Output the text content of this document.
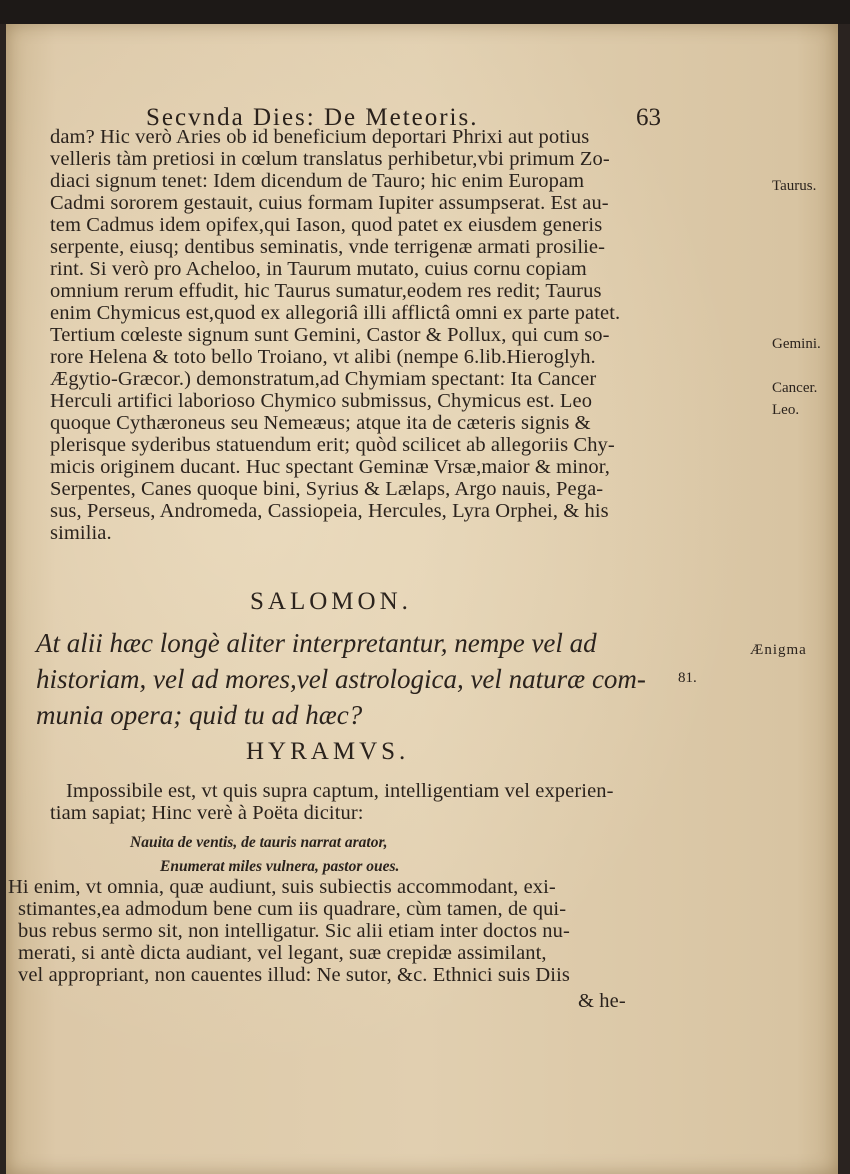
Secvnda Dies: De Meteoris.	63
dam? Hic verò Aries ob id beneficium deportari Phrixi aut potius
velleris tàm pretiosi in cœlum translatus perhibetur,vbi primum Zo-
diaci signum tenet: Idem dicendum de Tauro; hic enim Europam
Cadmi sororem gestauit, cuius formam Iupiter assumpserat. Est au-
tem Cadmus idem opifex,qui Iason, quod patet ex eiusdem generis
serpente, eiusq; dentibus seminatis, vnde terrigenæ armati prosilie-
rint. Si verò pro Acheloo, in Taurum mutato, cuius cornu copiam
omnium rerum effudit, hic Taurus sumatur,eodem res redit; Taurus
enim Chymicus est,quod ex allegoriâ illi afflictâ omni ex parte patet.
Tertium cœleste signum sunt Gemini, Castor & Pollux, qui cum so-
rore Helena & toto bello Troiano, vt alibi (nempe 6.lib.Hieroglyh.
Ægytio-Græcor.) demonstratum,ad Chymiam spectant: Ita Cancer
Herculi artifici laborioso Chymico submissus, Chymicus est. Leo
quoque Cythæroneus seu Nemeæus; atque ita de cæteris signis &
plerisque syderibus statuendum erit; quòd scilicet ab allegoriis Chy-
micis originem ducant. Huc spectant Geminæ Vrsæ,maior & minor,
Serpentes, Canes quoque bini, Syrius & Lælaps, Argo nauis, Pega-
sus, Perseus, Andromeda, Cassiopeia, Hercules, Lyra Orphei, & his
similia.
Taurus.
Gemini.
Cancer.
Leo.
SALOMON.
At alii hæc longè aliter interpretantur, nempe vel ad
historiam, vel ad mores,vel astrologica, vel naturæ com-
munia opera; quid tu ad hæc?
Ænigma
81.
HYRAMVS.
Impossibile est, vt quis supra captum, intelligentiam vel experien-
tiam sapiat; Hinc verè à Poëta dicitur:
Nauita de ventis, de tauris narrat arator,
Enumerat miles vulnera, pastor oues.
Hi enim, vt omnia, quæ audiunt, suis subiectis accommodant, exi-
stimantes,ea admodum bene cum iis quadrare, cùm tamen, de qui-
bus rebus sermo sit, non intelligatur. Sic alii etiam inter doctos nu-
merati, si antè dicta audiant, vel legant, suæ crepidæ assimilant,
vel appropriant, non cauentes illud: Ne sutor, &c. Ethnici suis Diis
& he-
